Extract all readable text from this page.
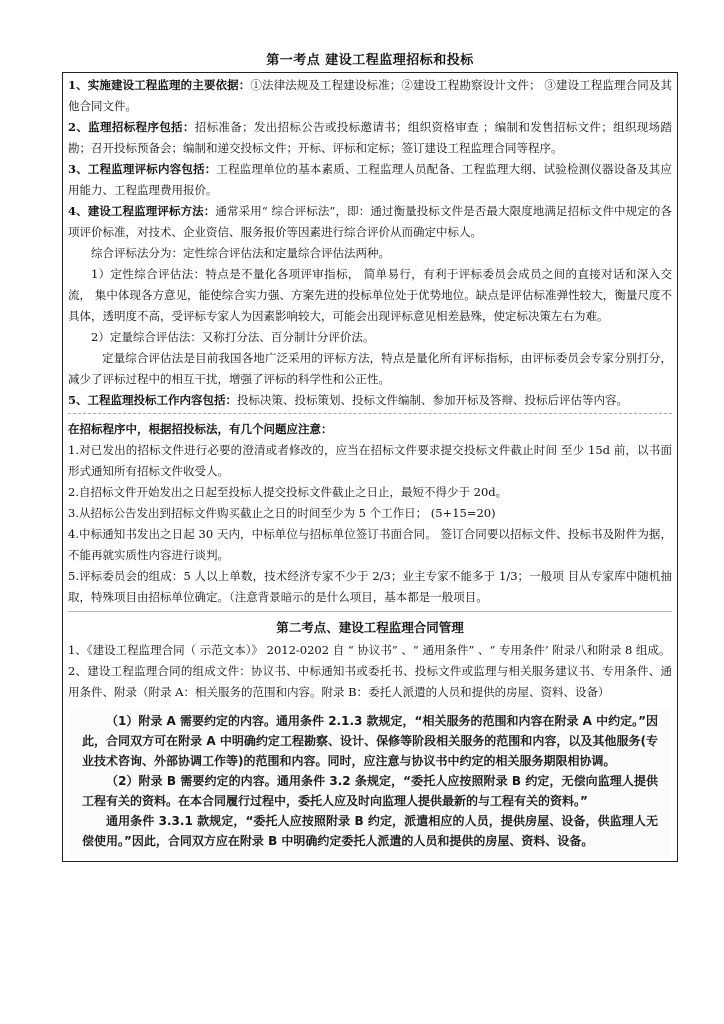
第一考点 建设工程监理招标和投标

1、实施建设工程监理的主要依据：①法律法规及工程建设标准；②建设工程勘察设计文件； ③建设工程监理合同及其他合同文件。

2、监理招标程序包括：招标准备；发出招标公告或投标邀请书；组织资格审查 ；编制和发售招标文件；组织现场踏勘；召开投标预备会；编制和递交投标文件；开标、评标和定标；签订建设工程监理合同等程序。

3、工程监理评标内容包括：工程监理单位的基本素质、工程监理人员配备、工程监理大纲、试验检测仪器设备及其应用能力、工程监理费用报价。

4、建设工程监理评标方法：通常采用“ 综合评标法”，即：通过衡量投标文件是否最大限度地满足招标文件中规定的各项评价标准，对技术、企业资信、服务报价等因素进行综合评价从而确定中标人。

综合评标法分为：定性综合评估法和定量综合评估法两种。

1）定性综合评估法：特点是不量化各项评审指标， 简单易行，有利于评标委员会成员之间的直接对话和深入交流， 集中体现各方意见，能使综合实力强、方案先进的投标单位处于优势地位。缺点是评估标准弹性较大，衡量尺度不具体，透明度不高，受评标专家人为因素影响较大，可能会出现评标意见相差悬殊，使定标决策左右为难。

2）定量综合评估法：又称打分法、百分制计分评价法。

定量综合评估法是目前我国各地广泛采用的评标方法，特点是量化所有评标指标，由评标委员会专家分别打分，减少了评标过程中的相互干扰，增强了评标的科学性和公正性。

5、工程监理投标工作内容包括：投标决策、投标策划、投标文件编制、参加开标及答辩、投标后评估等内容。

在招标程序中，根据招投标法，有几个问题应注意：

1.对已发出的招标文件进行必要的澄清或者修改的，应当在招标文件要求提交投标文件截止时间 至少 15d 前，以书面形式通知所有招标文件收受人。

2.自招标文件开始发出之日起至投标人提交投标文件截止之日止，最短不得少于 20d。

3.从招标公告发出到招标文件购买截止之日的时间至少为 5 个工作日； (5+15=20)

4.中标通知书发出之日起 30 天内，中标单位与招标单位签订书面合同。 签订合同要以招标文件、投标书及附件为据，不能再就实质性内容进行谈判。

5.评标委员会的组成：5 人以上单数，技术经济专家不少于 2/3；业主专家不能多于 1/3；一般项 目从专家库中随机抽取，特殊项目由招标单位确定。（注意背景暗示的是什么项目，基本都是一般项目。

第二考点、建设工程监理合同管理

1、《建设工程监理合同（ 示范文本）》 2012-0202 自 “ 协议书” 、“ 通用条件” 、“ 专用条件’ 附录八和附录 8 组成。

2、建设工程监理合同的组成文件：协议书、中标通知书或委托书、投标文件或监理与相关服务建议书、专用条件、通用条件、附录（附录 A：相关服务的范围和内容。附录 B：委托人派遣的人员和提供的房屋、资料、设备）

（1）附录 A 需要约定的内容。通用条件 2.1.3 款规定，“相关服务的范围和内容在附录 A 中约定。”因此，合同双方可在附录 A 中明确约定工程勘察、设计、保修等阶段相关服务的范围和内容，以及其他服务(专业技术咨询、外部协调工作等)的范围和内容。同时，应注意与协议书中约定的相关服务期限相协调。

（2）附录 B 需要约定的内容。通用条件 3.2 条规定，“委托人应按照附录 B 约定，无偿向监理人提供工程有关的资料。在本合同履行过程中，委托人应及时向监理人提供最新的与工程有关的资料。”

通用条件 3.3.1 款规定，“委托人应按照附录 B 约定，派遣相应的人员，提供房屋、设备，供监理人无偿使用。”因此，合同双方应在附录 B 中明确约定委托人派遣的人员和提供的房屋、资料、设备。
